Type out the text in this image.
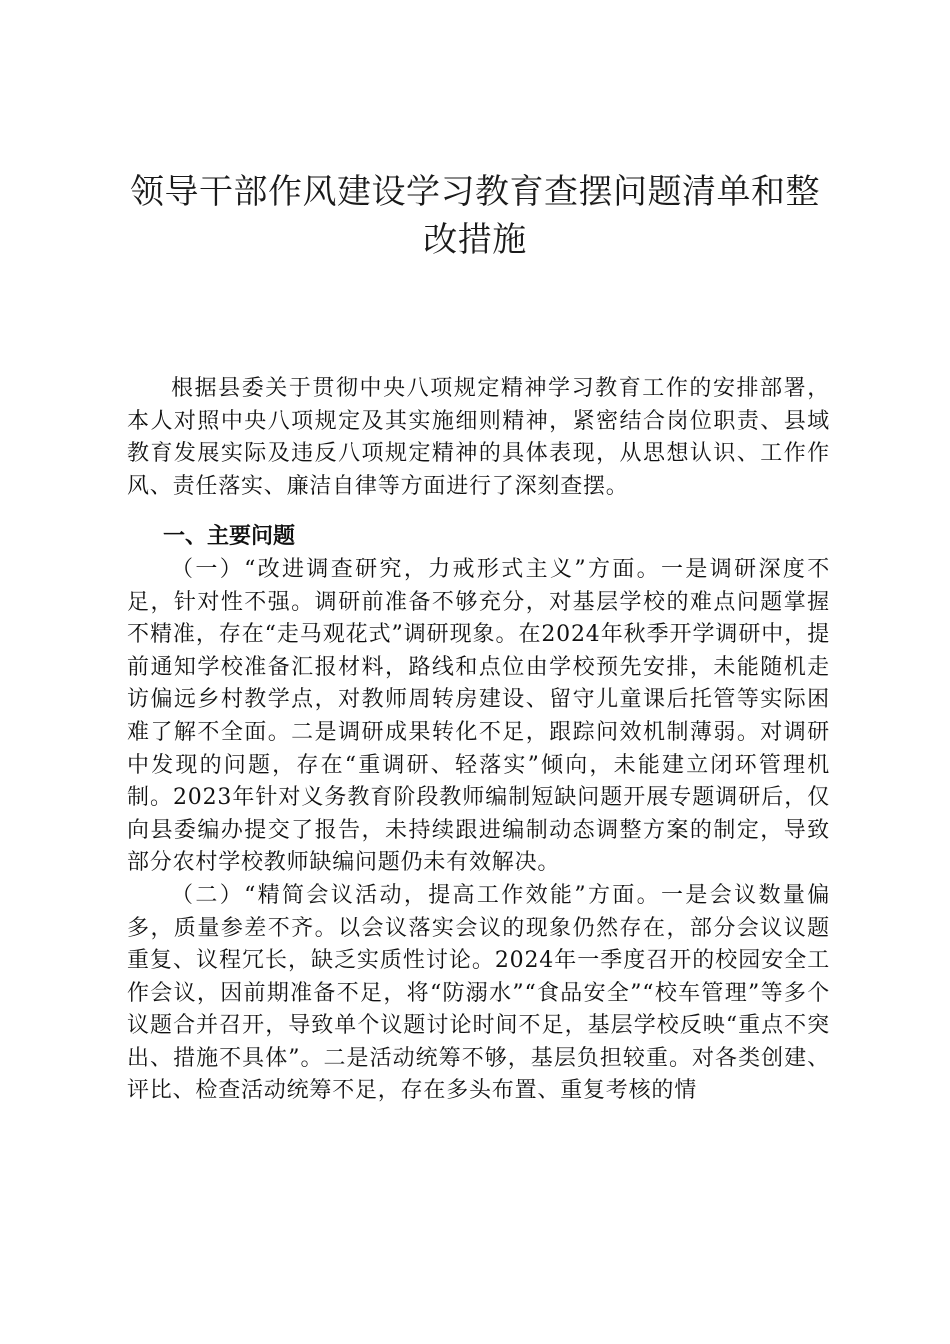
领导干部作风建设学习教育查摆问题清单和整改措施

根据县委关于贯彻中央八项规定精神学习教育工作的安排部署，本人对照中央八项规定及其实施细则精神，紧密结合岗位职责、县域教育发展实际及违反八项规定精神的具体表现，从思想认识、工作作风、责任落实、廉洁自律等方面进行了深刻查摆。

一、主要问题

（一）“改进调查研究，力戒形式主义”方面。一是调研深度不足，针对性不强。调研前准备不够充分，对基层学校的难点问题掌握不精准，存在“走马观花式”调研现象。在2024年秋季开学调研中，提前通知学校准备汇报材料，路线和点位由学校预先安排，未能随机走访偏远乡村教学点，对教师周转房建设、留守儿童课后托管等实际困难了解不全面。二是调研成果转化不足，跟踪问效机制薄弱。对调研中发现的问题，存在“重调研、轻落实”倾向，未能建立闭环管理机制。2023年针对义务教育阶段教师编制短缺问题开展专题调研后，仅向县委编办提交了报告，未持续跟进编制动态调整方案的制定，导致部分农村学校教师缺编问题仍未有效解决。

（二）“精简会议活动，提高工作效能”方面。一是会议数量偏多，质量参差不齐。以会议落实会议的现象仍然存在，部分会议议题重复、议程冗长，缺乏实质性讨论。2024年一季度召开的校园安全工作会议，因前期准备不足，将“防溺水”“食品安全”“校车管理”等多个议题合并召开，导致单个议题讨论时间不足，基层学校反映“重点不突出、措施不具体”。二是活动统筹不够，基层负担较重。对各类创建、评比、检查活动统筹不足，存在多头布置、重复考核的情
